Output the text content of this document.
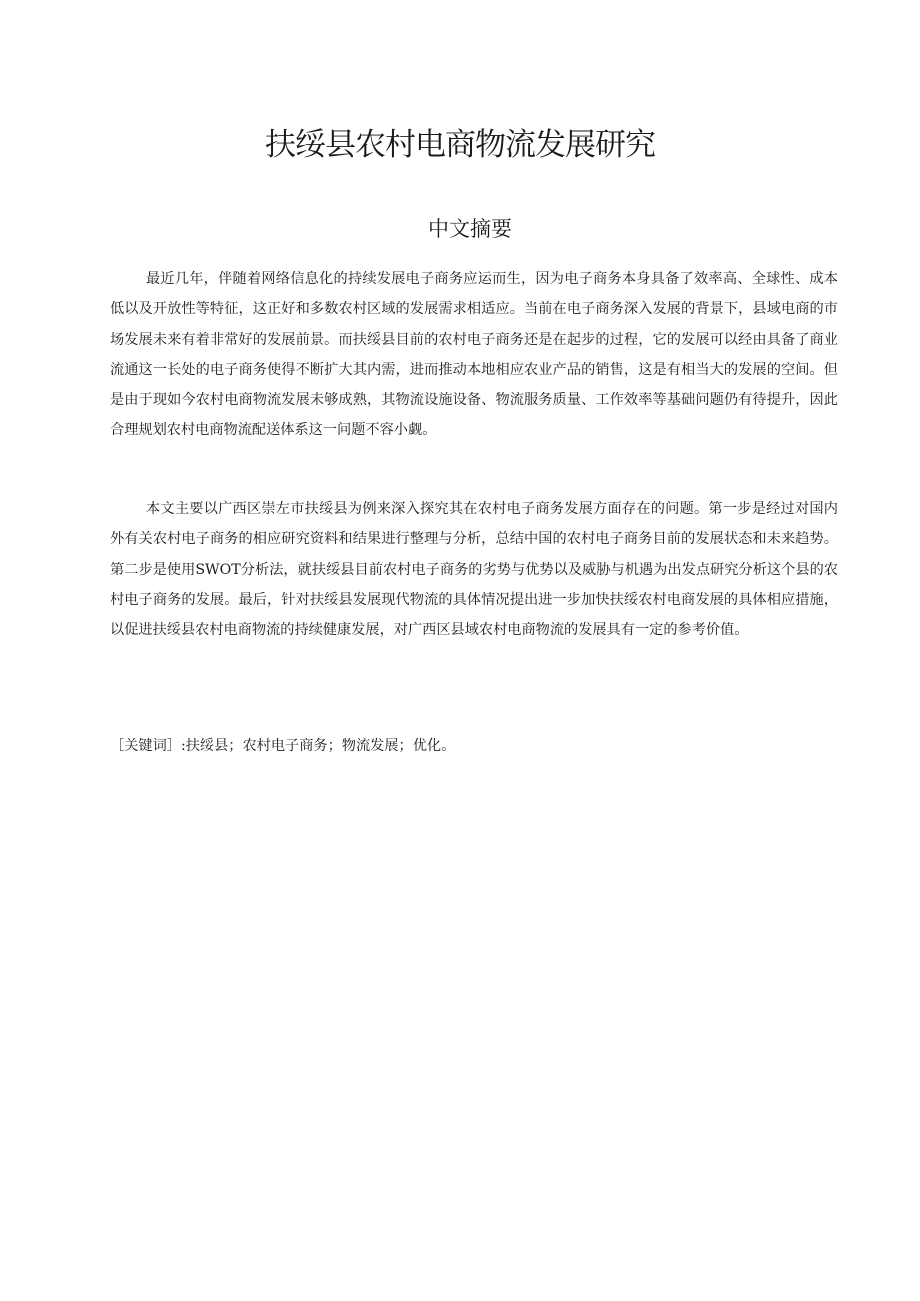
扶绥县农村电商物流发展研究
中文摘要

最近几年，伴随着网络信息化的持续发展电子商务应运而生，因为电子商务本身具备了效率高、全球性、成本低以及开放性等特征，这正好和多数农村区域的发展需求相适应。当前在电子商务深入发展的背景下，县域电商的市场发展未来有着非常好的发展前景。而扶绥县目前的农村电子商务还是在起步的过程，它的发展可以经由具备了商业流通这一长处的电子商务使得不断扩大其内需，进而推动本地相应农业产品的销售，这是有相当大的发展的空间。但是由于现如今农村电商物流发展未够成熟，其物流设施设备、物流服务质量、工作效率等基础问题仍有待提升，因此合理规划农村电商物流配送体系这一问题不容小觑。

本文主要以广西区崇左市扶绥县为例来深入探究其在农村电子商务发展方面存在的问题。第一步是经过对国内外有关农村电子商务的相应研究资料和结果进行整理与分析，总结中国的农村电子商务目前的发展状态和未来趋势。第二步是使用SWOT分析法，就扶绥县目前农村电子商务的劣势与优势以及威胁与机遇为出发点研究分析这个县的农村电子商务的发展。最后，针对扶绥县发展现代物流的具体情况提出进一步加快扶绥农村电商发展的具体相应措施，以促进扶绥县农村电商物流的持续健康发展，对广西区县域农村电商物流的发展具有一定的参考价值。

［关键词］:扶绥县；农村电子商务；物流发展；优化。
